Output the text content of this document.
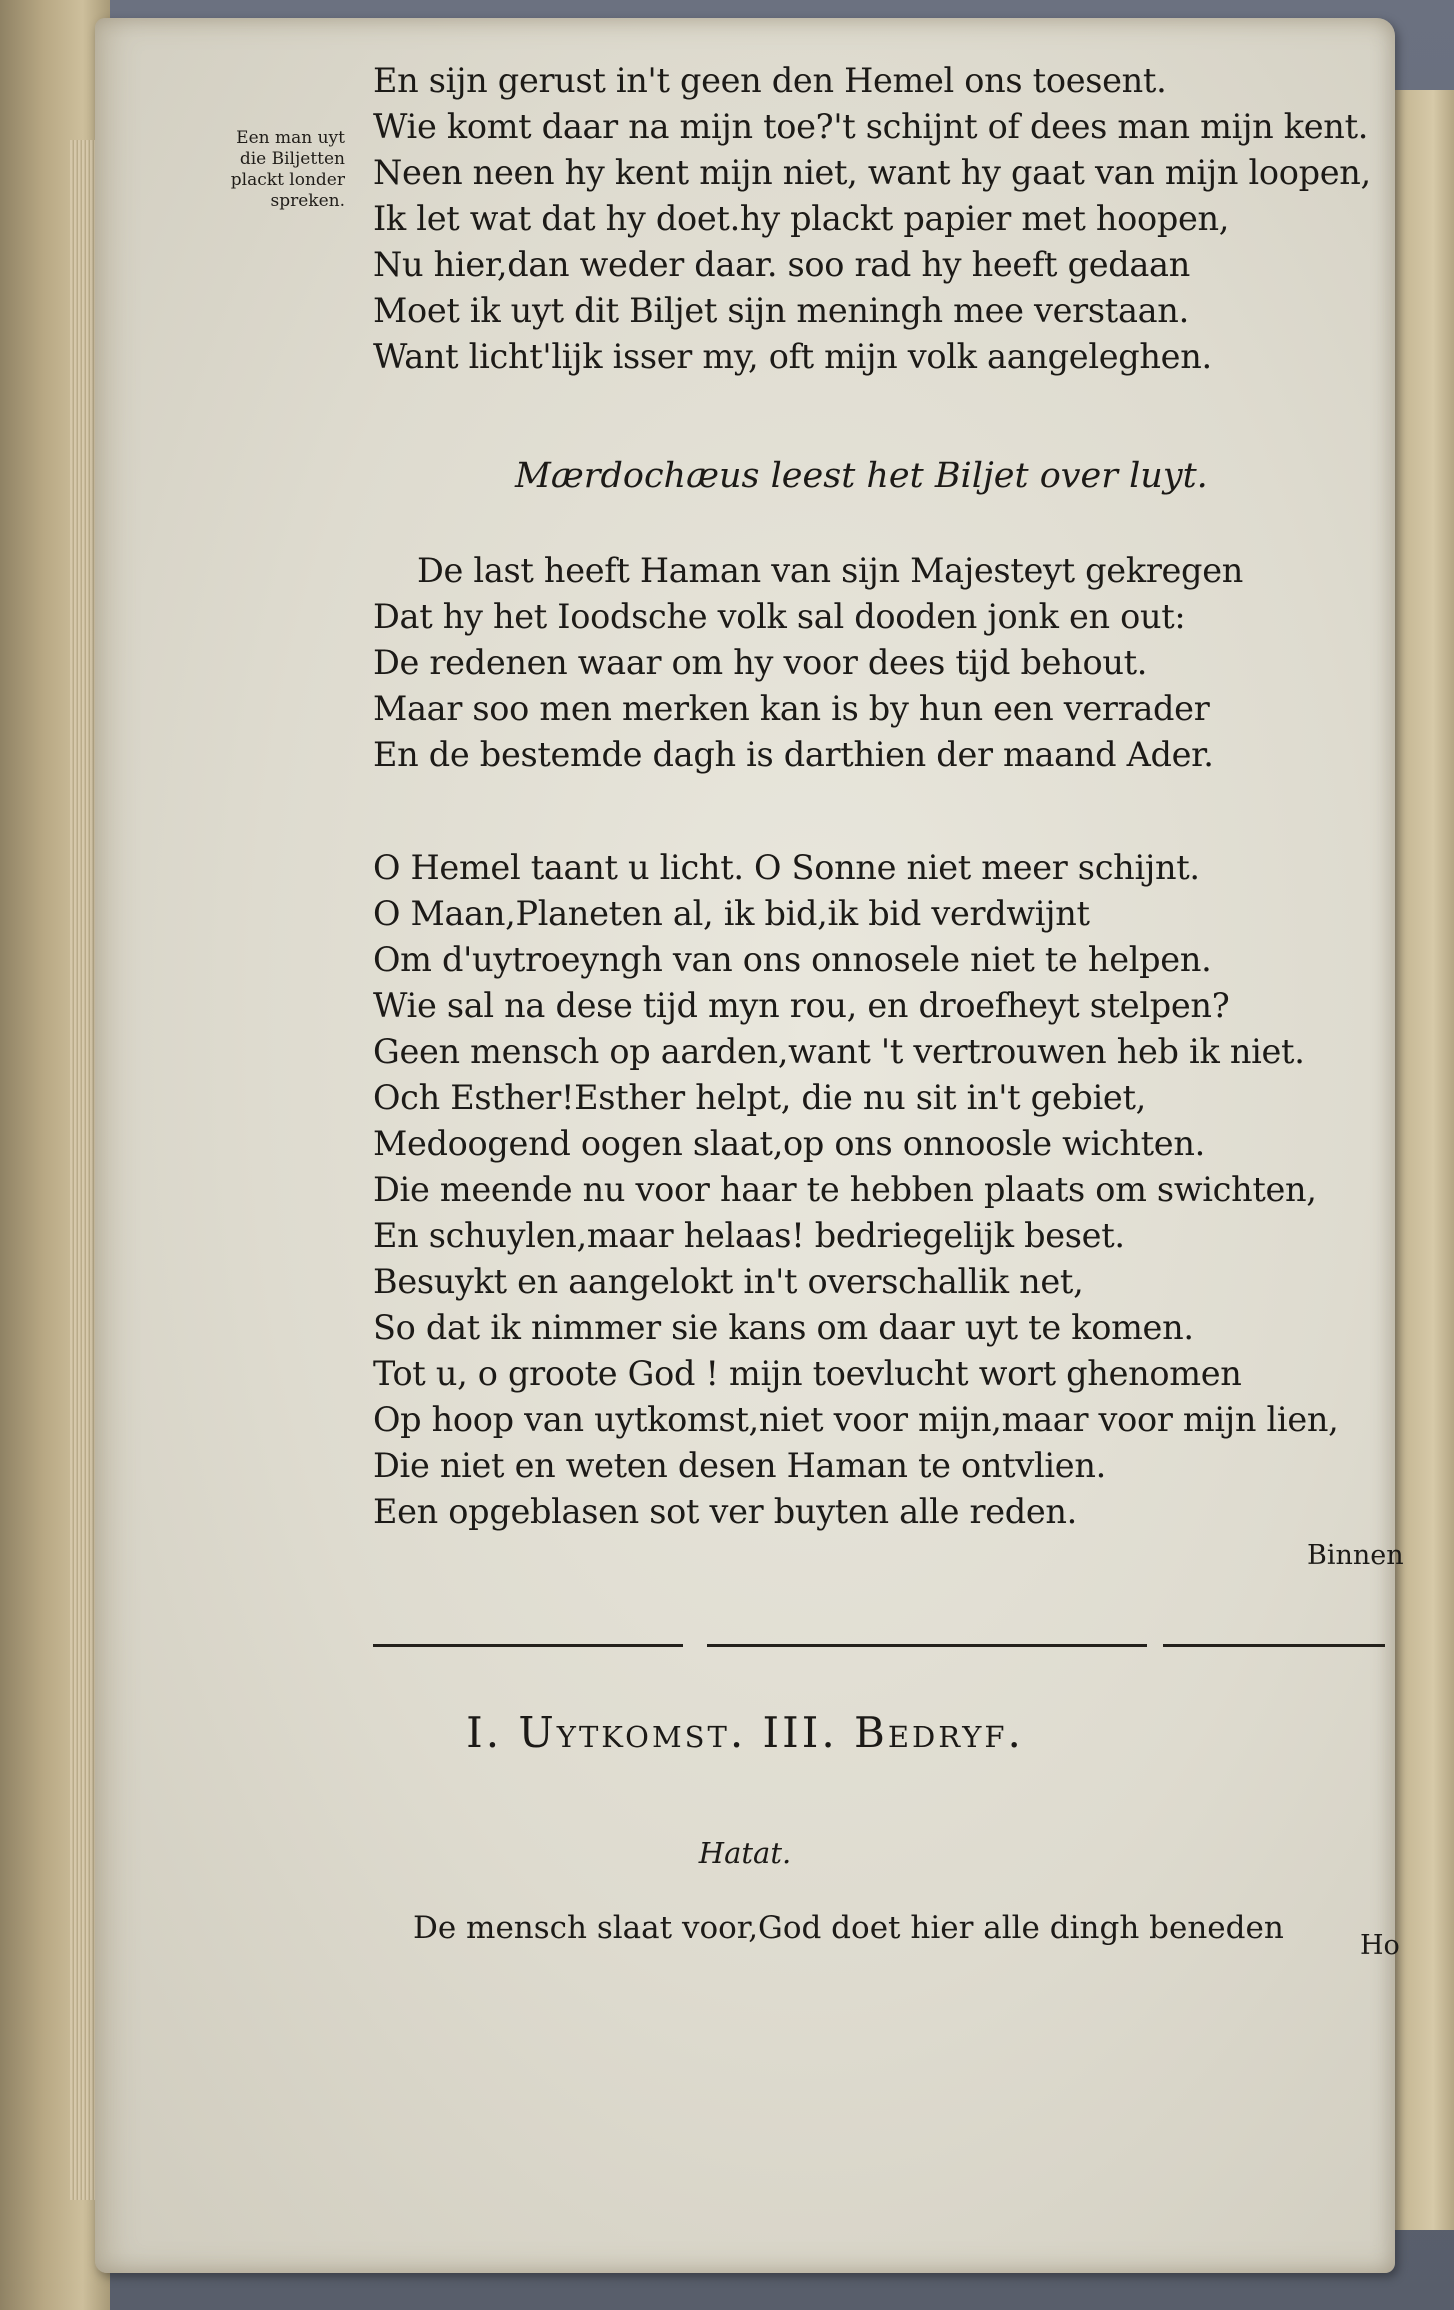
Een man uyt
die Biljetten
plackt londer
spreken.
En sijn gerust in't geen den Hemel ons toesent.
Wie komt daar na mijn toe?'t schijnt of dees man mijn kent.
Neen neen hy kent mijn niet, want hy gaat van mijn loopen,
Ik let wat dat hy doet.hy plackt papier met hoopen,
Nu hier,dan weder daar. soo rad hy heeft gedaan
Moet ik uyt dit Biljet sijn meningh mee verstaan.
Want licht'lijk isser my, oft mijn volk aangeleghen.
Mærdochæus leest het Biljet over luyt.
De last heeft Haman van sijn Majesteyt gekregen
Dat hy het Ioodsche volk sal dooden jonk en out:
De redenen waar om hy voor dees tijd behout.
Maar soo men merken kan is by hun een verrader
En de bestemde dagh is darthien der maand Ader.
O Hemel taant u licht. O Sonne niet meer schijnt.
O Maan,Planeten al, ik bid,ik bid verdwijnt
Om d'uytroeyngh van ons onnosele niet te helpen.
Wie sal na dese tijd myn rou, en droefheyt stelpen?
Geen mensch op aarden,want 't vertrouwen heb ik niet.
Och Esther!Esther helpt, die nu sit in't gebiet,
Medoogend oogen slaat,op ons onnoosle wichten.
Die meende nu voor haar te hebben plaats om swichten,
En schuylen,maar helaas! bedriegelijk beset.
Besuykt en aangelokt in't overschallik net,
So dat ik nimmer sie kans om daar uyt te komen.
Tot u, o groote God ! mijn toevlucht wort ghenomen
Op hoop van uytkomst,niet voor mijn,maar voor mijn lien,
Die niet en weten desen Haman te ontvlien.
Een opgeblasen sot ver buyten alle reden.
Binnen
I. Uytkomst. III. Bedryf.
Hatat.
De mensch slaat voor,God doet hier alle dingh beneden	Ho
